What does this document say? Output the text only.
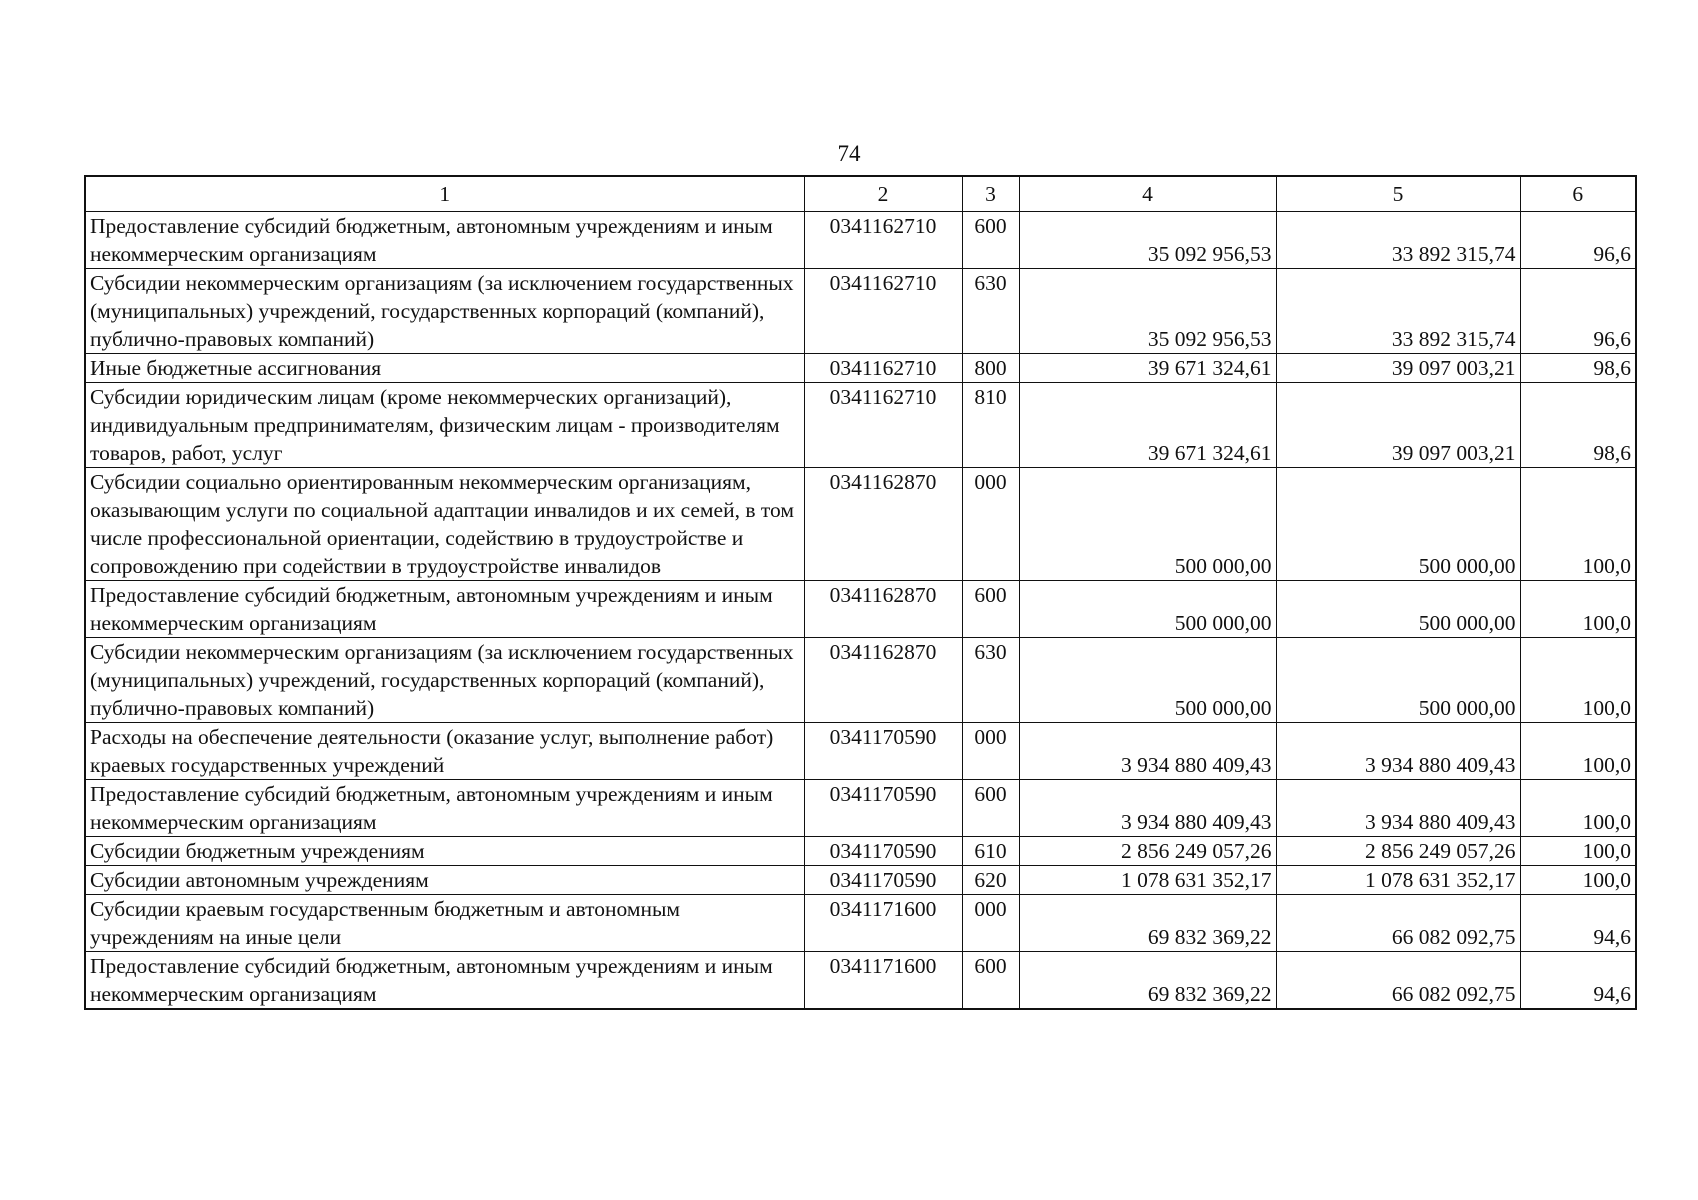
74
1	2	3	4	5	6
Предоставление субсидий бюджетным, автономным учреждениям и иным некоммерческим организациям	0341162710	600	35 092 956,53	33 892 315,74	96,6
Субсидии некоммерческим организациям (за исключением государственных (муниципальных) учреждений, государственных корпораций (компаний), публично-правовых компаний)	0341162710	630	35 092 956,53	33 892 315,74	96,6
Иные бюджетные ассигнования	0341162710	800	39 671 324,61	39 097 003,21	98,6
Субсидии юридическим лицам (кроме некоммерческих организаций), индивидуальным предпринимателям, физическим лицам - производителям товаров, работ, услуг	0341162710	810	39 671 324,61	39 097 003,21	98,6
Субсидии социально ориентированным некоммерческим организациям, оказывающим услуги по социальной адаптации инвалидов и их семей, в том числе профессиональной ориентации, содействию в трудоустройстве и сопровождению при содействии в трудоустройстве инвалидов	0341162870	000	500 000,00	500 000,00	100,0
Предоставление субсидий бюджетным, автономным учреждениям и иным некоммерческим организациям	0341162870	600	500 000,00	500 000,00	100,0
Субсидии некоммерческим организациям (за исключением государственных (муниципальных) учреждений, государственных корпораций (компаний), публично-правовых компаний)	0341162870	630	500 000,00	500 000,00	100,0
Расходы на обеспечение деятельности (оказание услуг, выполнение работ) краевых государственных учреждений	0341170590	000	3 934 880 409,43	3 934 880 409,43	100,0
Предоставление субсидий бюджетным, автономным учреждениям и иным некоммерческим организациям	0341170590	600	3 934 880 409,43	3 934 880 409,43	100,0
Субсидии бюджетным учреждениям	0341170590	610	2 856 249 057,26	2 856 249 057,26	100,0
Субсидии автономным учреждениям	0341170590	620	1 078 631 352,17	1 078 631 352,17	100,0
Субсидии краевым государственным бюджетным и автономным учреждениям на иные цели	0341171600	000	69 832 369,22	66 082 092,75	94,6
Предоставление субсидий бюджетным, автономным учреждениям и иным некоммерческим организациям	0341171600	600	69 832 369,22	66 082 092,75	94,6
